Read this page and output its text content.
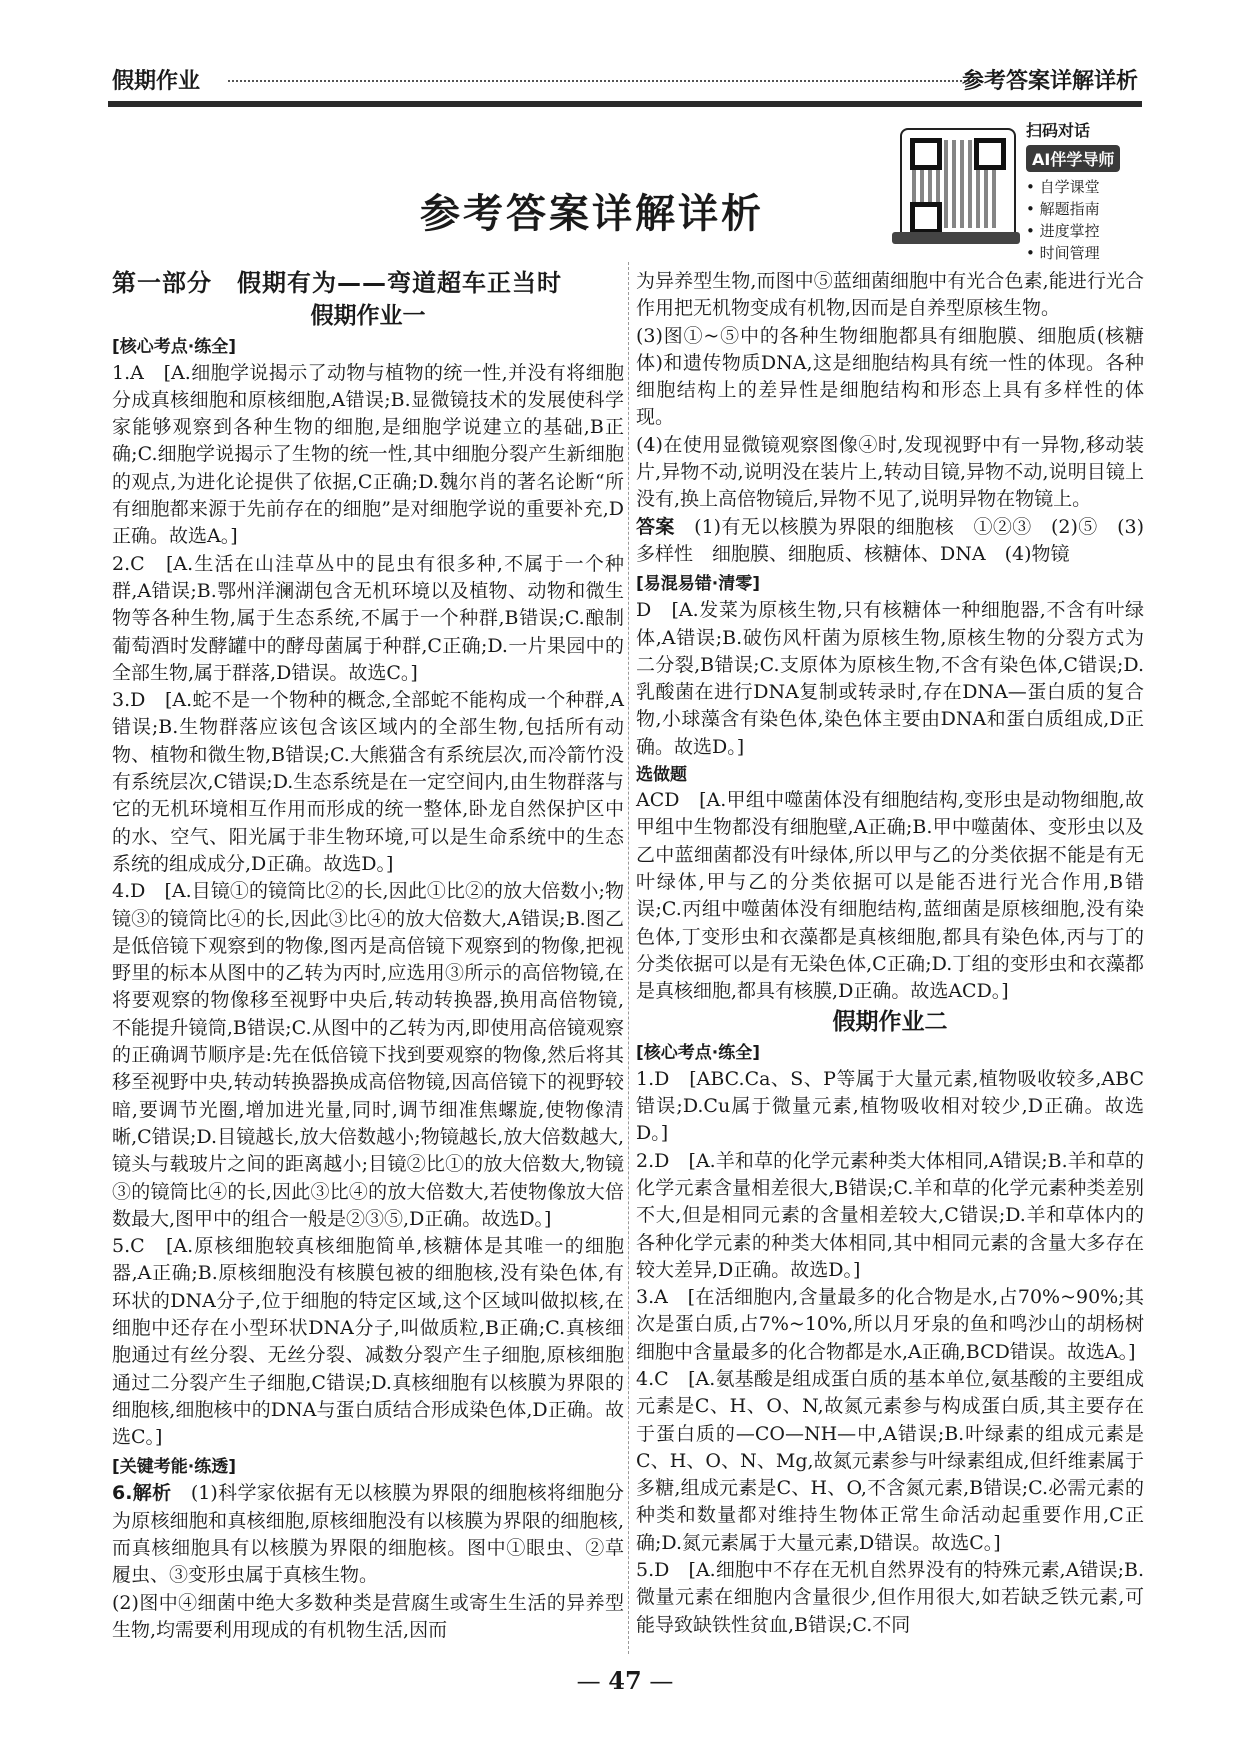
假期作业	参考答案详解详析
参考答案详解详析
扫码对话
AI伴学导师
• 自学课堂
• 解题指南
• 进度掌控
• 时间管理
第一部分　假期有为——弯道超车正当时
假期作业一
[ 核心考点·练全 ]

1.A　[A.细胞学说揭示了动物与植物的统一性,并没有将细胞分成真核细胞和原核细胞,A错误;B.显微镜技术的发展使科学家能够观察到各种生物的细胞,是细胞学说建立的基础,B正确;C.细胞学说揭示了生物的统一性,其中细胞分裂产生新细胞的观点,为进化论提供了依据,C正确;D.魏尔肖的著名论断“所有细胞都来源于先前存在的细胞”是对细胞学说的重要补充,D正确。故选A。]

2.C　[A.生活在山洼草丛中的昆虫有很多种,不属于一个种群,A错误;B.鄂州洋澜湖包含无机环境以及植物、动物和微生物等各种生物,属于生态系统,不属于一个种群,B错误;C.酿制葡萄酒时发酵罐中的酵母菌属于种群,C正确;D.一片果园中的全部生物,属于群落,D错误。故选C。]

3.D　[A.蛇不是一个物种的概念,全部蛇不能构成一个种群,A错误;B.生物群落应该包含该区域内的全部生物,包括所有动物、植物和微生物,B错误;C.大熊猫含有系统层次,而冷箭竹没有系统层次,C错误;D.生态系统是在一定空间内,由生物群落与它的无机环境相互作用而形成的统一整体,卧龙自然保护区中的水、空气、阳光属于非生物环境,可以是生命系统中的生态系统的组成成分,D正确。故选D。]

4.D　[A.目镜①的镜筒比②的长,因此①比②的放大倍数小;物镜③的镜筒比④的长,因此③比④的放大倍数大,A错误;B.图乙是低倍镜下观察到的物像,图丙是高倍镜下观察到的物像,把视野里的标本从图中的乙转为丙时,应选用③所示的高倍物镜,在将要观察的物像移至视野中央后,转动转换器,换用高倍物镜,不能提升镜筒,B错误;C.从图中的乙转为丙,即使用高倍镜观察的正确调节顺序是:先在低倍镜下找到要观察的物像,然后将其移至视野中央,转动转换器换成高倍物镜,因高倍镜下的视野较暗,要调节光圈,增加进光量,同时,调节细准焦螺旋,使物像清晰,C错误;D.目镜越长,放大倍数越小;物镜越长,放大倍数越大,镜头与载玻片之间的距离越小;目镜②比①的放大倍数大,物镜③的镜筒比④的长,因此③比④的放大倍数大,若使物像放大倍数最大,图甲中的组合一般是②③⑤,D正确。故选D。]

5.C　[A.原核细胞较真核细胞简单,核糖体是其唯一的细胞器,A正确;B.原核细胞没有核膜包被的细胞核,没有染色体,有环状的DNA分子,位于细胞的特定区域,这个区域叫做拟核,在细胞中还存在小型环状DNA分子,叫做质粒,B正确;C.真核细胞通过有丝分裂、无丝分裂、减数分裂产生子细胞,原核细胞通过二分裂产生子细胞,C错误;D.真核细胞有以核膜为界限的细胞核,细胞核中的DNA与蛋白质结合形成染色体,D正确。故选C。]

[ 关键考能·练透 ]

6.解析　 (1)科学家依据有无以核膜为界限的细胞核将细胞分为原核细胞和真核细胞,原核细胞没有以核膜为界限的细胞核,而真核细胞具有以核膜为界限的细胞核。图中①眼虫、②草履虫、③变形虫属于真核生物。

(2)图中④细菌中绝大多数种类是营腐生或寄生生活的异养型生物,均需要利用现成的有机物生活,因而

为异养型生物,而图中⑤蓝细菌细胞中有光合色素,能进行光合作用把无机物变成有机物,因而是自养型原核生物。

(3)图①~⑤中的各种生物细胞都具有细胞膜、细胞质(核糖体)和遗传物质DNA,这是细胞结构具有统一性的体现。各种细胞结构上的差异性是细胞结构和形态上具有多样性的体现。

(4)在使用显微镜观察图像④时,发现视野中有一异物,移动装片,异物不动,说明没在装片上,转动目镜,异物不动,说明目镜上没有,换上高倍物镜后,异物不见了,说明异物在物镜上。

答案　 (1)有无以核膜为界限的细胞核　①②③　(2)⑤　(3)多样性　细胞膜、细胞质、核糖体、DNA　(4)物镜

[ 易混易错·清零 ]

D　[A.发菜为原核生物,只有核糖体一种细胞器,不含有叶绿体,A错误;B.破伤风杆菌为原核生物,原核生物的分裂方式为二分裂,B错误;C.支原体为原核生物,不含有染色体,C错误;D.乳酸菌在进行DNA复制或转录时,存在DNA—蛋白质的复合物,小球藻含有染色体,染色体主要由DNA和蛋白质组成,D正确。故选D。]

选做题

ACD　[A.甲组中噬菌体没有细胞结构,变形虫是动物细胞,故甲组中生物都没有细胞壁,A正确;B.甲中噬菌体、变形虫以及乙中蓝细菌都没有叶绿体,所以甲与乙的分类依据不能是有无叶绿体,甲与乙的分类依据可以是能否进行光合作用,B错误;C.丙组中噬菌体没有细胞结构,蓝细菌是原核细胞,没有染色体,丁变形虫和衣藻都是真核细胞,都具有染色体,丙与丁的分类依据可以是有无染色体,C正确;D.丁组的变形虫和衣藻都是真核细胞,都具有核膜,D正确。故选ACD。]

假期作业二
[ 核心考点·练全 ]

1.D　[ABC.Ca、S、P等属于大量元素,植物吸收较多,ABC错误;D.Cu属于微量元素,植物吸收相对较少,D正确。故选D。]

2.D　[A.羊和草的化学元素种类大体相同,A错误;B.羊和草的化学元素含量相差很大,B错误;C.羊和草的化学元素种类差别不大,但是相同元素的含量相差较大,C错误;D.羊和草体内的各种化学元素的种类大体相同,其中相同元素的含量大多存在较大差异,D正确。故选D。]

3.A　[在活细胞内,含量最多的化合物是水,占70%~90%;其次是蛋白质,占7%~10%,所以月牙泉的鱼和鸣沙山的胡杨树细胞中含量最多的化合物都是水,A正确,BCD错误。故选A。]

4.C　[A.氨基酸是组成蛋白质的基本单位,氨基酸的主要组成元素是C、H、O、N,故氮元素参与构成蛋白质,其主要存在于蛋白质的—CO—NH—中,A错误;B.叶绿素的组成元素是C、H、O、N、Mg,故氮元素参与叶绿素组成,但纤维素属于多糖,组成元素是C、H、O,不含氮元素,B错误;C.必需元素的种类和数量都对维持生物体正常生命活动起重要作用,C正确;D.氮元素属于大量元素,D错误。故选C。]

5.D　[A.细胞中不存在无机自然界没有的特殊元素,A错误;B.微量元素在细胞内含量很少,但作用很大,如若缺乏铁元素,可能导致缺铁性贫血,B错误;C.不同

— 47 —
